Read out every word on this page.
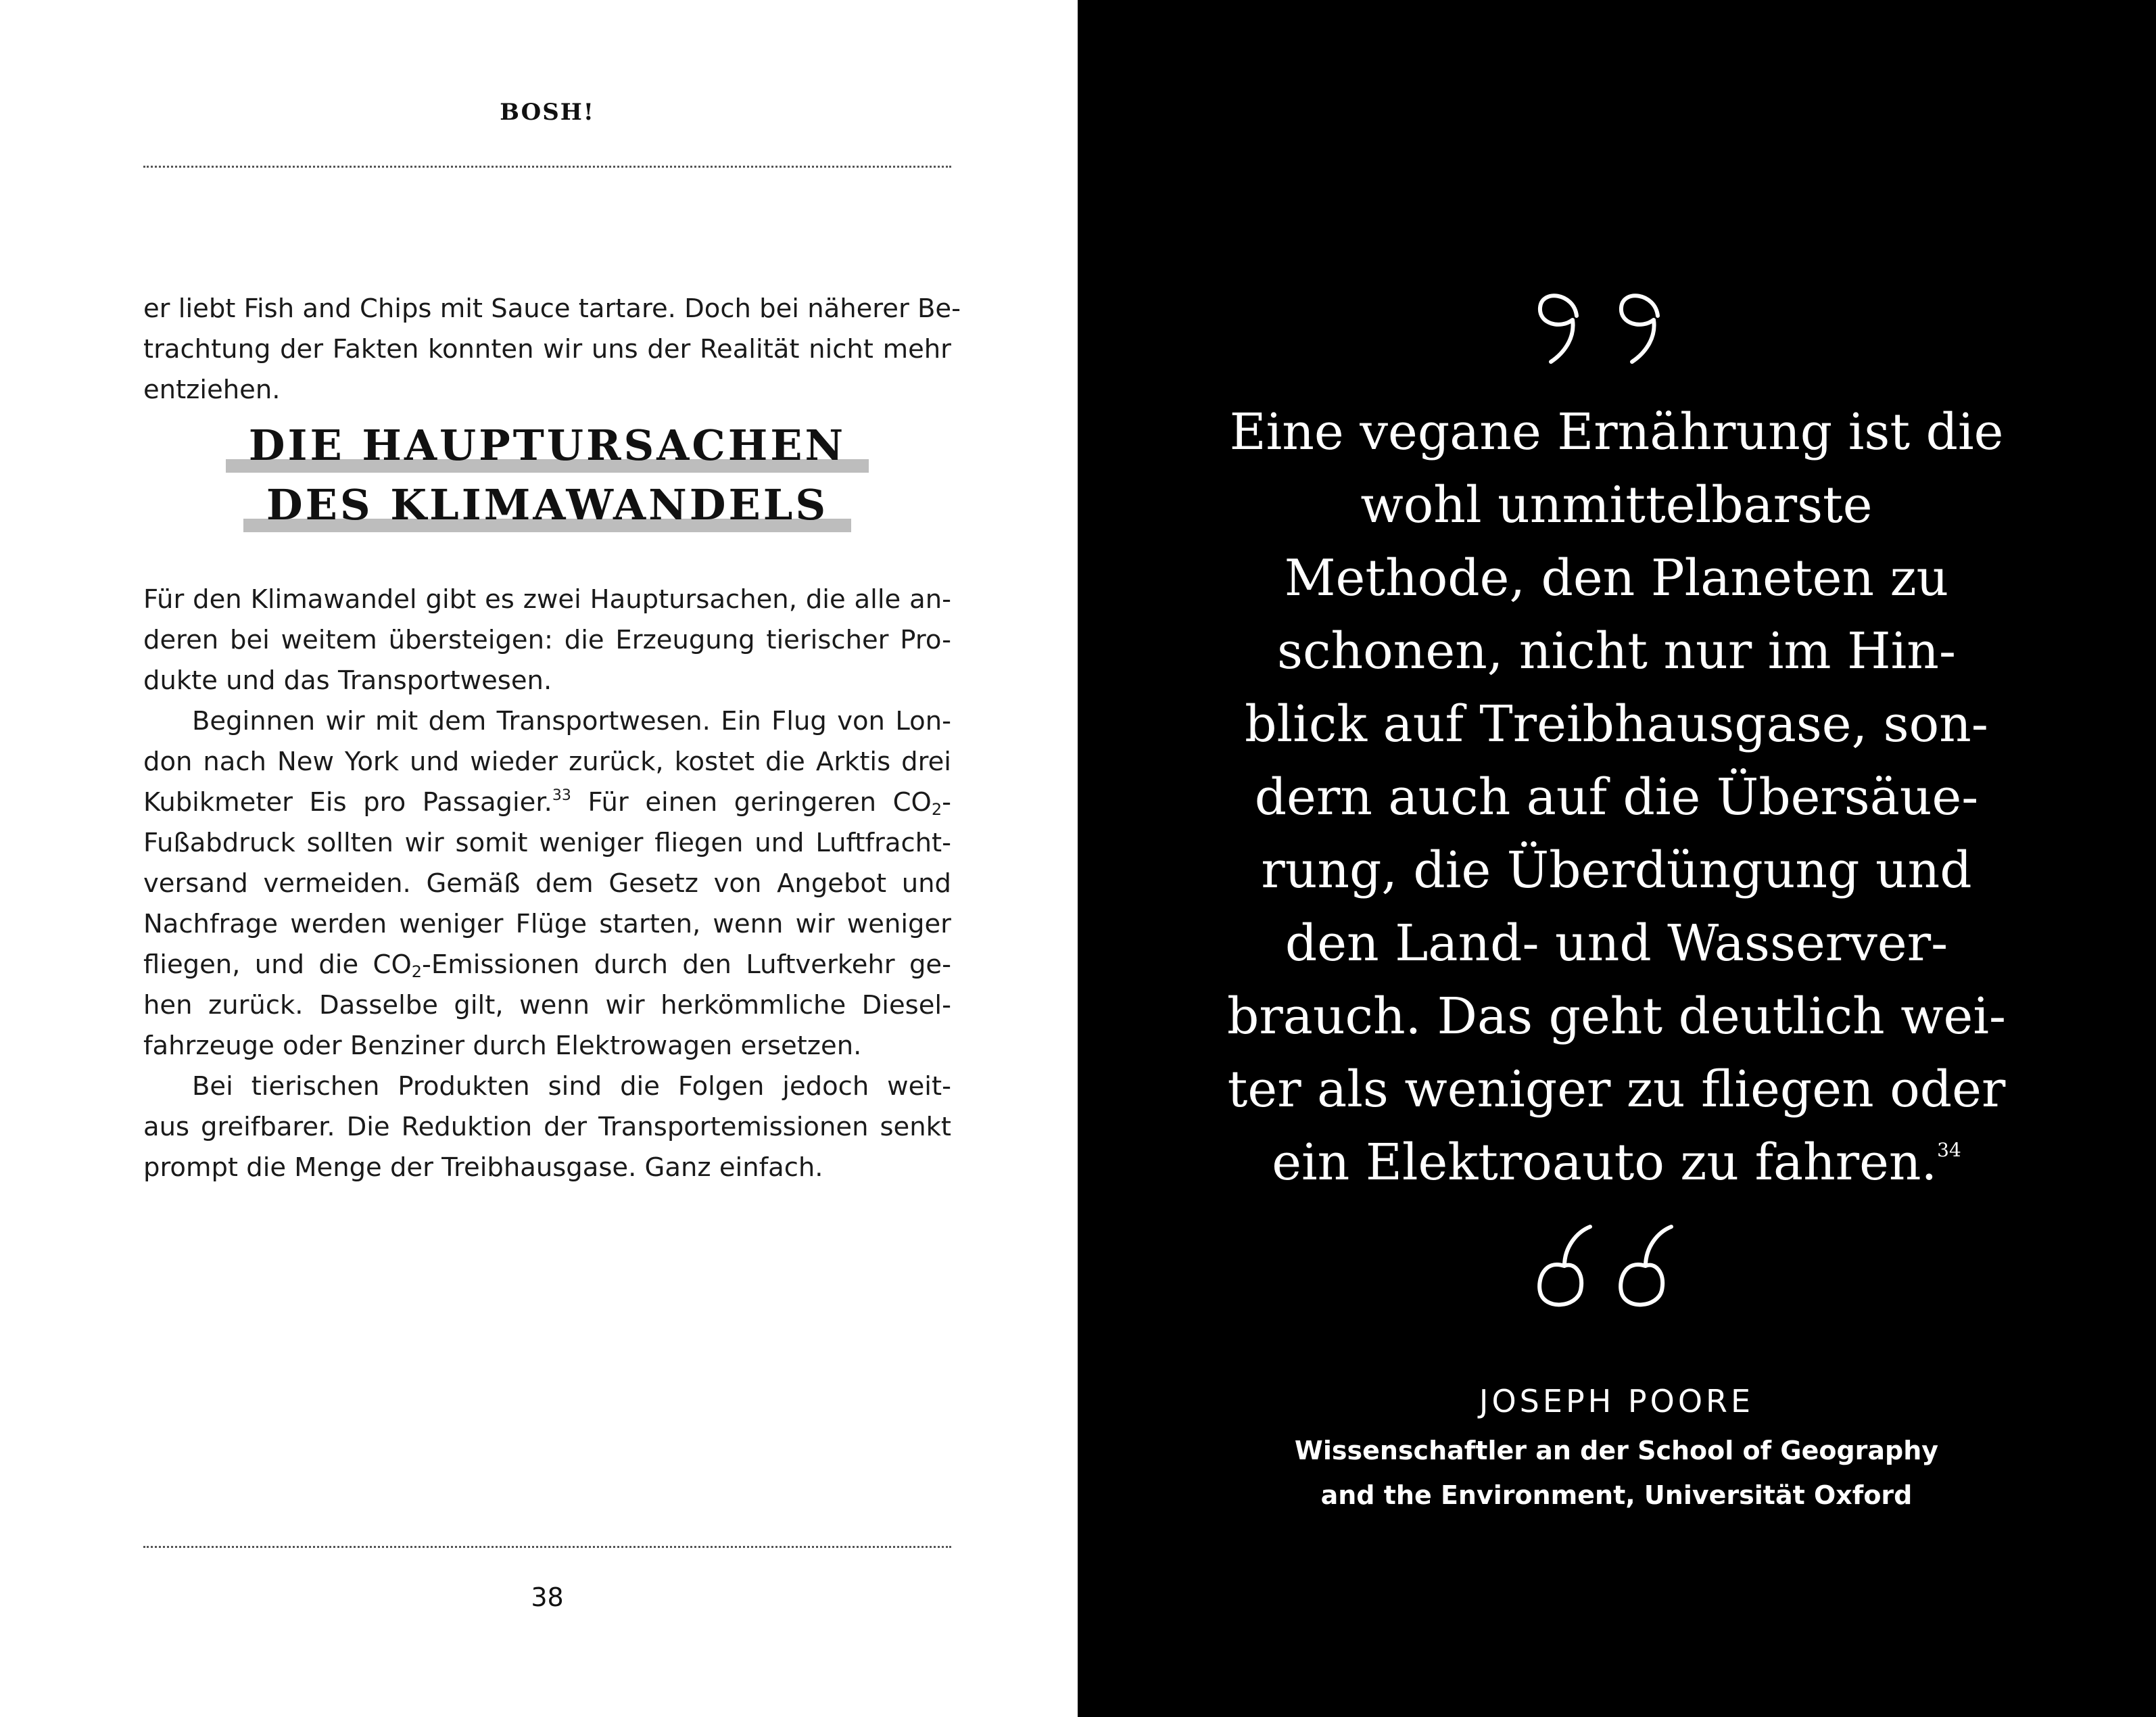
BOSH!
er liebt Fish and Chips mit Sauce tartare. Doch bei näherer Be-
trachtung der Fakten konnten wir uns der Realität nicht mehr
entziehen.
DIE HAUPTURSACHEN
DES KLIMAWANDELS
Für den Klimawandel gibt es zwei Hauptursachen, die alle an-
deren bei weitem übersteigen: die Erzeugung tierischer Pro-
dukte und das Transportwesen.
Beginnen wir mit dem Transportwesen. Ein Flug von Lon-
don nach New York und wieder zurück, kostet die Arktis drei
Kubikmeter Eis pro Passagier.$^{33}$ Für einen geringeren $CO_2-$
Fußabdruck sollten wir somit weniger fliegen und Luftfracht-
versand vermeiden. Gemäß dem Gesetz von Angebot und
Nachfrage werden weniger Flüge starten, wenn wir weniger
fliegen, und die $CO_2$-Emissionen durch den Luftverkehr ge-
hen zurück. Dasselbe gilt, wenn wir herkömmliche Diesel-
fahrzeuge oder Benziner durch Elektrowagen ersetzen.
Bei tierischen Produkten sind die Folgen jedoch weit-
aus greifbarer. Die Reduktion der Transportemissionen senkt
prompt die Menge der Treibhausgase. Ganz einfach.
38
Eine vegane Ernährung ist die
wohl unmittelbarste
Methode, den Planeten zu
schonen, nicht nur im Hin-
blick auf Treibhausgase, son-
dern auch auf die Übersäue-
rung, die Überdüngung und
den Land- und Wasserver-
brauch. Das geht deutlich wei-
ter als weniger zu fliegen oder
ein Elektroauto zu fahren.$^{34}$
JOSEPH POORE
Wissenschaftler an der School of Geography
and the Environment, Universität Oxford
